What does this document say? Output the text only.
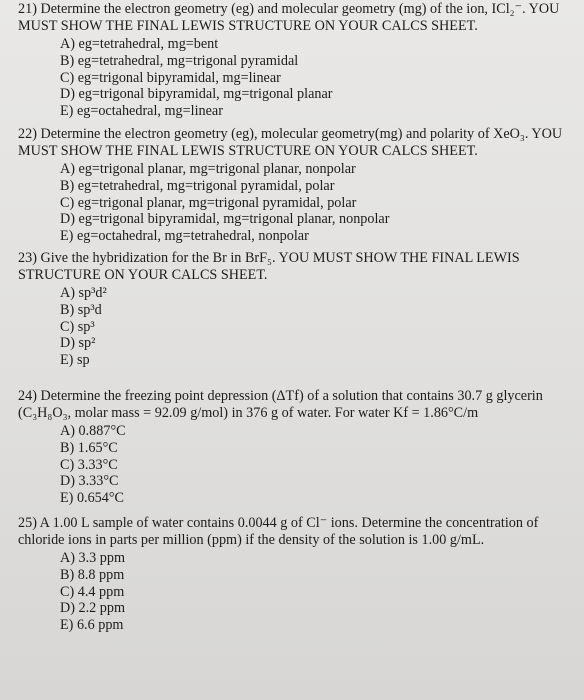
21) Determine the electron geometry (eg) and molecular geometry (mg) of the ion, ICl₂⁻. YOU MUST SHOW THE FINAL LEWIS STRUCTURE ON YOUR CALCS SHEET.

A) eg=tetrahedral, mg=bent
B) eg=tetrahedral, mg=trigonal pyramidal
C) eg=trigonal bipyramidal, mg=linear
D) eg=trigonal bipyramidal, mg=trigonal planar
E) eg=octahedral, mg=linear

22) Determine the electron geometry (eg), molecular geometry(mg) and polarity of XeO₃. YOU MUST SHOW THE FINAL LEWIS STRUCTURE ON YOUR CALCS SHEET.

A) eg=trigonal planar, mg=trigonal planar, nonpolar
B) eg=tetrahedral, mg=trigonal pyramidal, polar
C) eg=trigonal planar, mg=trigonal pyramidal, polar
D) eg=trigonal bipyramidal, mg=trigonal planar, nonpolar
E) eg=octahedral, mg=tetrahedral, nonpolar

23) Give the hybridization for the Br in BrF₅. YOU MUST SHOW THE FINAL LEWIS STRUCTURE ON YOUR CALCS SHEET.

A) sp³d²
B) sp³d
C) sp³
D) sp²
E) sp

24) Determine the freezing point depression (ΔTf) of a solution that contains 30.7 g glycerin (C₃H₈O₃, molar mass = 92.09 g/mol) in 376 g of water. For water Kf = 1.86°C/m

A) 0.887°C
B) 1.65°C
C) 3.33°C
D) 3.33°C
E) 0.654°C

25) A 1.00 L sample of water contains 0.0044 g of Cl⁻ ions. Determine the concentration of chloride ions in parts per million (ppm) if the density of the solution is 1.00 g/mL.

A) 3.3 ppm
B) 8.8 ppm
C) 4.4 ppm
D) 2.2 ppm
E) 6.6 ppm
